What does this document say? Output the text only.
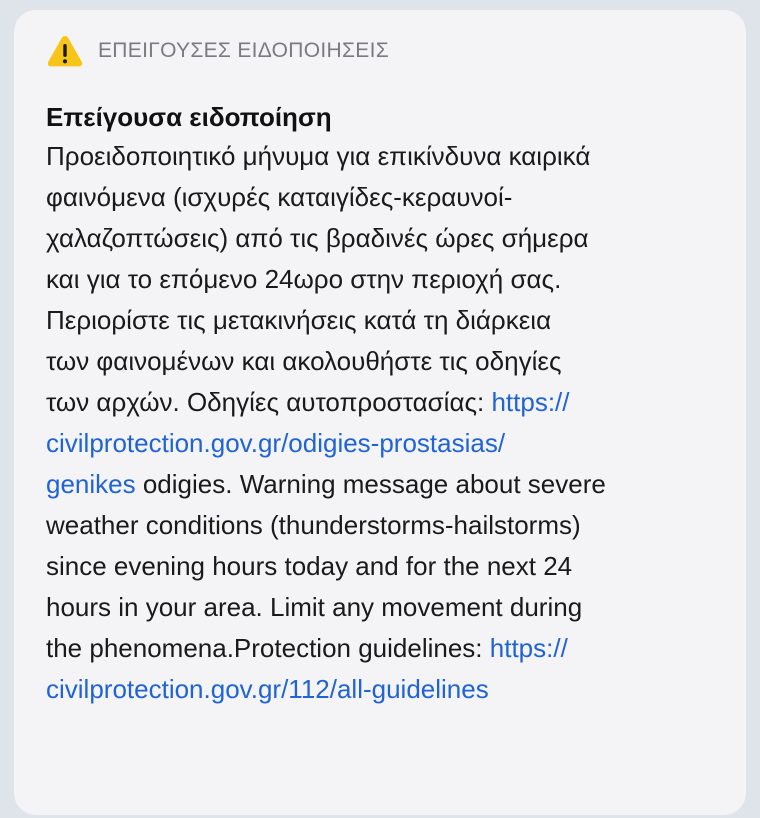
ΕΠΕΙΓΟΥΣΕΣ ΕΙΔΟΠΟΙΗΣΕΙΣ
Επείγουσα ειδοποίηση
Προειδοποιητικό μήνυμα για επικίνδυνα καιρικά
φαινόμενα (ισχυρές καταιγίδες-κεραυνοί-
χαλαζοπτώσεις) από τις βραδινές ώρες σήμερα
και για το επόμενο 24ωρο στην περιοχή σας.
Περιορίστε τις μετακινήσεις κατά τη διάρκεια
των φαινομένων και ακολουθήστε τις οδηγίες
των αρχών. Οδηγίες αυτοπροστασίας: https://
civilprotection.gov.gr/odigies-prostasias/
genikes odigies. Warning message about severe
weather conditions (thunderstorms-hailstorms)
since evening hours today and for the next 24
hours in your area. Limit any movement during
the phenomena.Protection guidelines: https://
civilprotection.gov.gr/112/all-guidelines
